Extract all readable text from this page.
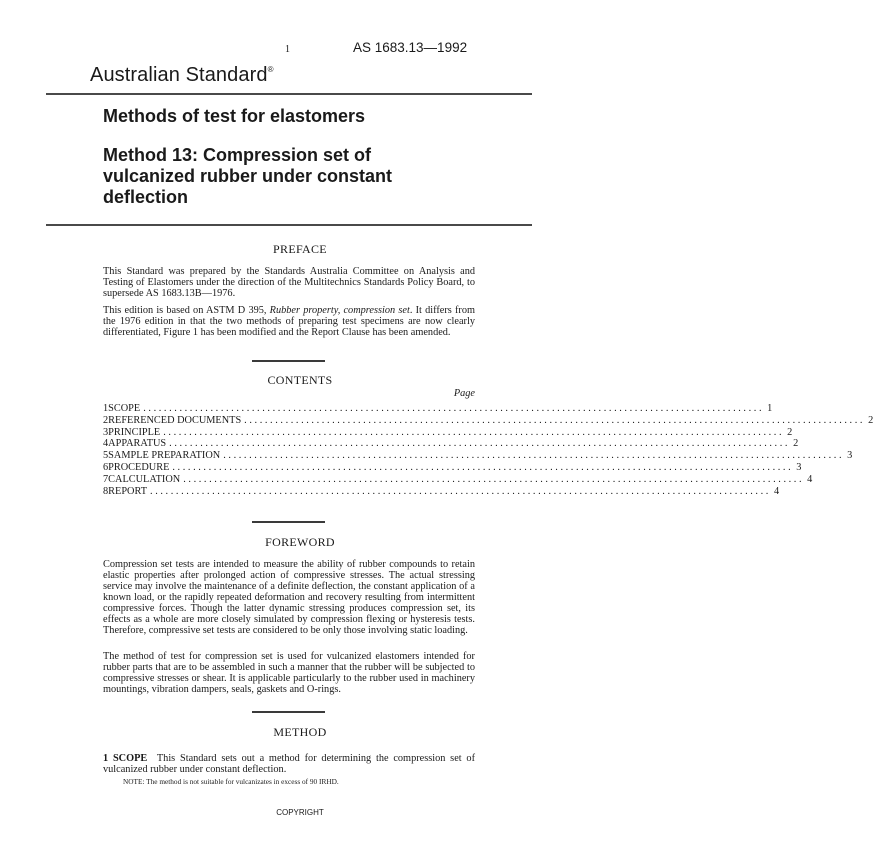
1	AS 1683.13—1992
Australian Standard®
Methods of test for elastomers
Method 13: Compression set of vulcanized rubber under constant deflection
PREFACE
This Standard was prepared by the Standards Australia Committee on Analysis and Testing of Elastomers under the direction of the Multitechnics Standards Policy Board, to supersede AS 1683.13B—1976.
This edition is based on ASTM D 395, Rubber property, compression set. It differs from the 1976 edition in that the two methods of preparing test specimens are now clearly differentiated, Figure 1 has been modified and the Report Clause has been amended.
CONTENTS
Page
1 SCOPE ........................................................................................................................ 1
2 REFERENCED DOCUMENTS ........................................................................................................................ 2
3 PRINCIPLE ........................................................................................................................ 2
4 APPARATUS ........................................................................................................................ 2
5 SAMPLE PREPARATION ........................................................................................................................ 3
6 PROCEDURE ........................................................................................................................ 3
7 CALCULATION ........................................................................................................................ 4
8 REPORT ........................................................................................................................ 4
FOREWORD
Compression set tests are intended to measure the ability of rubber compounds to retain elastic properties after prolonged action of compressive stresses. The actual stressing service may involve the maintenance of a definite deflection, the constant application of a known load, or the rapidly repeated deformation and recovery resulting from intermittent compressive forces. Though the latter dynamic stressing produces compression set, its effects as a whole are more closely simulated by compression flexing or hysteresis tests. Therefore, compressive set tests are considered to be only those involving static loading.
The method of test for compression set is used for vulcanized elastomers intended for rubber parts that are to be assembled in such a manner that the rubber will be subjected to compressive stresses or shear. It is applicable particularly to the rubber used in machinery mountings, vibration dampers, seals, gaskets and O-rings.
METHOD
1 SCOPE This Standard sets out a method for determining the compression set of vulcanized rubber under constant deflection.
NOTE: The method is not suitable for vulcanizates in excess of 90 IRHD.
COPYRIGHT
